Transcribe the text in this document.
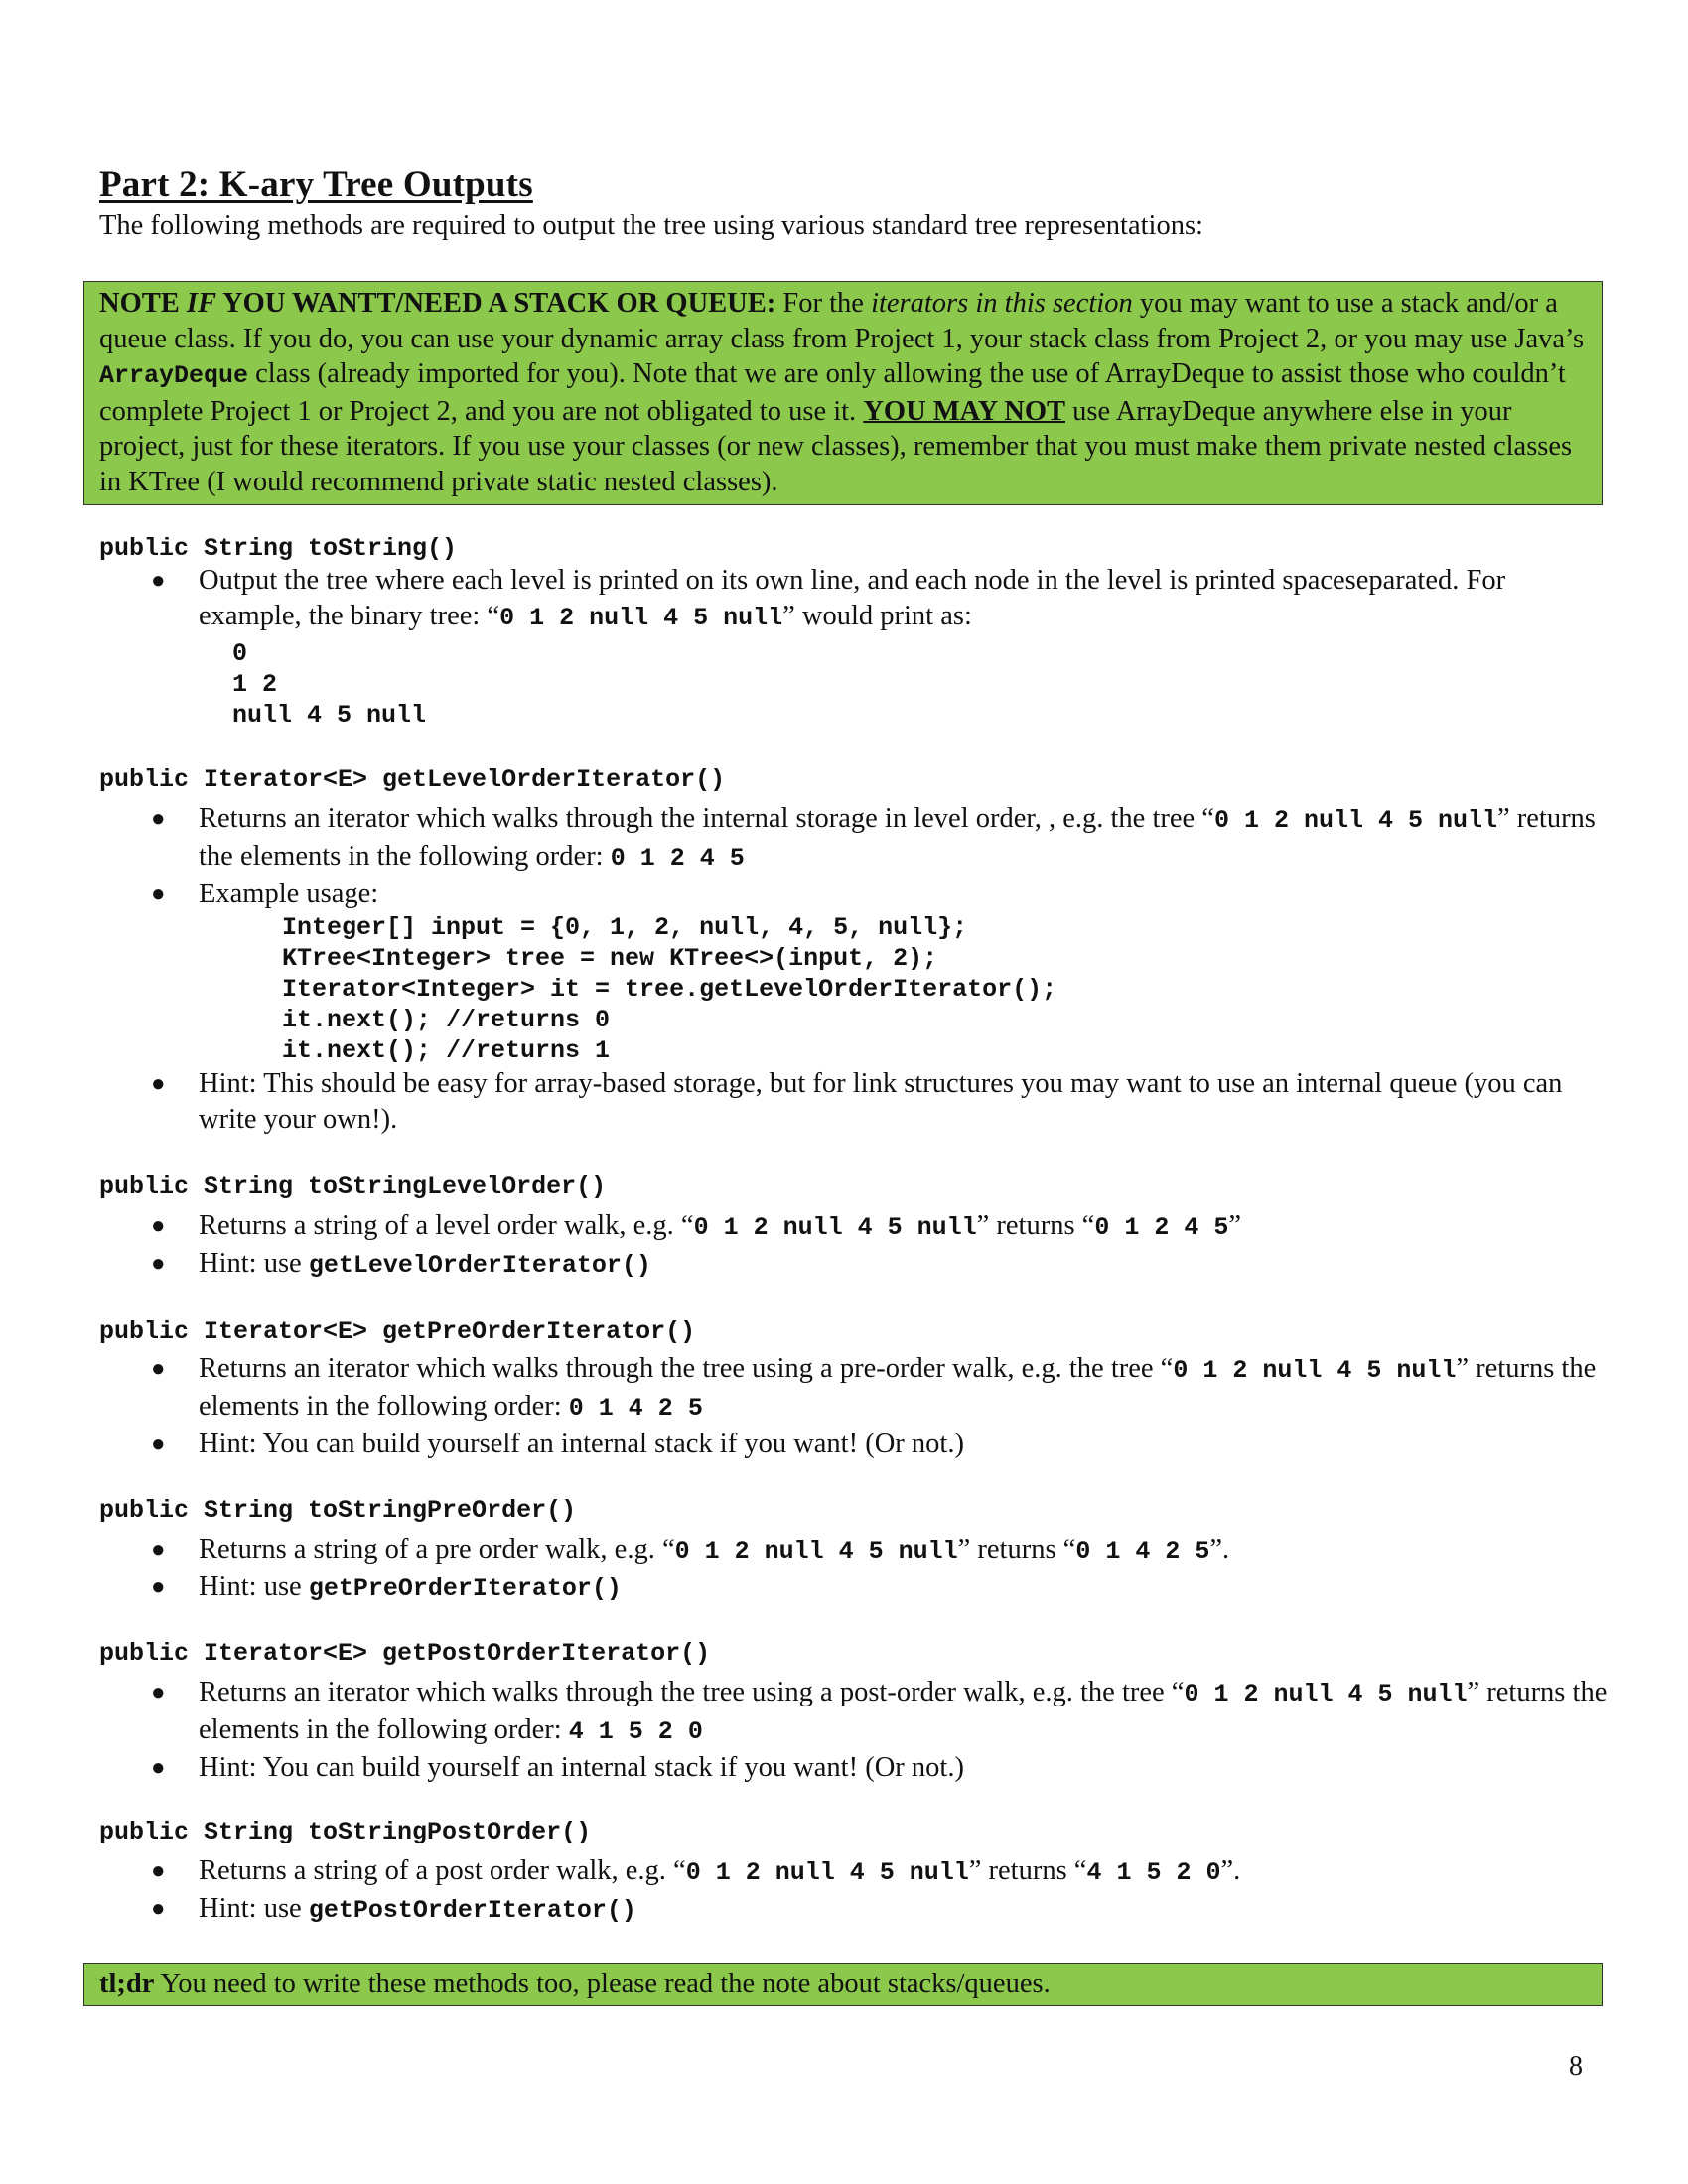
Part 2: K-ary Tree Outputs

The following methods are required to output the tree using various standard tree representations:

NOTE IF YOU WANTT/NEED A STACK OR QUEUE: For the iterators in this section you may want to use a stack and/or a queue class. If you do, you can use your dynamic array class from Project 1, your stack class from Project 2, or you may use Java’s ArrayDeque class (already imported for you). Note that we are only allowing the use of ArrayDeque to assist those who couldn’t complete Project 1 or Project 2, and you are not obligated to use it. YOU MAY NOT use ArrayDeque anywhere else in your project, just for these iterators. If you use your classes (or new classes), remember that you must make them private nested classes in KTree (I would recommend private static nested classes).
public String toString()
● Output the tree where each level is printed on its own line, and each node in the level is printed spaceseparated. For example, the binary tree: “0 1 2 null 4 5 null” would print as:
0
1 2
null 4 5 null
public Iterator<E> getLevelOrderIterator()
● Returns an iterator which walks through the internal storage in level order, , e.g. the tree “0 1 2 null 4 5 null” returns the elements in the following order: 0 1 2 4 5
● Example usage:
Integer[] input = {0, 1, 2, null, 4, 5, null};
KTree<Integer> tree = new KTree<>(input, 2);
Iterator<Integer> it = tree.getLevelOrderIterator();
it.next(); //returns 0
it.next(); //returns 1
● Hint: This should be easy for array-based storage, but for link structures you may want to use an internal queue (you can write your own!).
public String toStringLevelOrder()
● Returns a string of a level order walk, e.g. “0 1 2 null 4 5 null” returns “0 1 2 4 5”
● Hint: use getLevelOrderIterator()
public Iterator<E> getPreOrderIterator()
● Returns an iterator which walks through the tree using a pre-order walk, e.g. the tree “0 1 2 null 4 5 null” returns the elements in the following order: 0 1 4 2 5
● Hint: You can build yourself an internal stack if you want! (Or not.)
public String toStringPreOrder()
● Returns a string of a pre order walk, e.g. “0 1 2 null 4 5 null” returns “0 1 4 2 5”.
● Hint: use getPreOrderIterator()
public Iterator<E> getPostOrderIterator()
● Returns an iterator which walks through the tree using a post-order walk, e.g. the tree “0 1 2 null 4 5 null” returns the elements in the following order: 4 1 5 2 0
● Hint: You can build yourself an internal stack if you want! (Or not.)
public String toStringPostOrder()
● Returns a string of a post order walk, e.g. “0 1 2 null 4 5 null” returns “4 1 5 2 0”.
● Hint: use getPostOrderIterator()
tl;dr You need to write these methods too, please read the note about stacks/queues.
8
